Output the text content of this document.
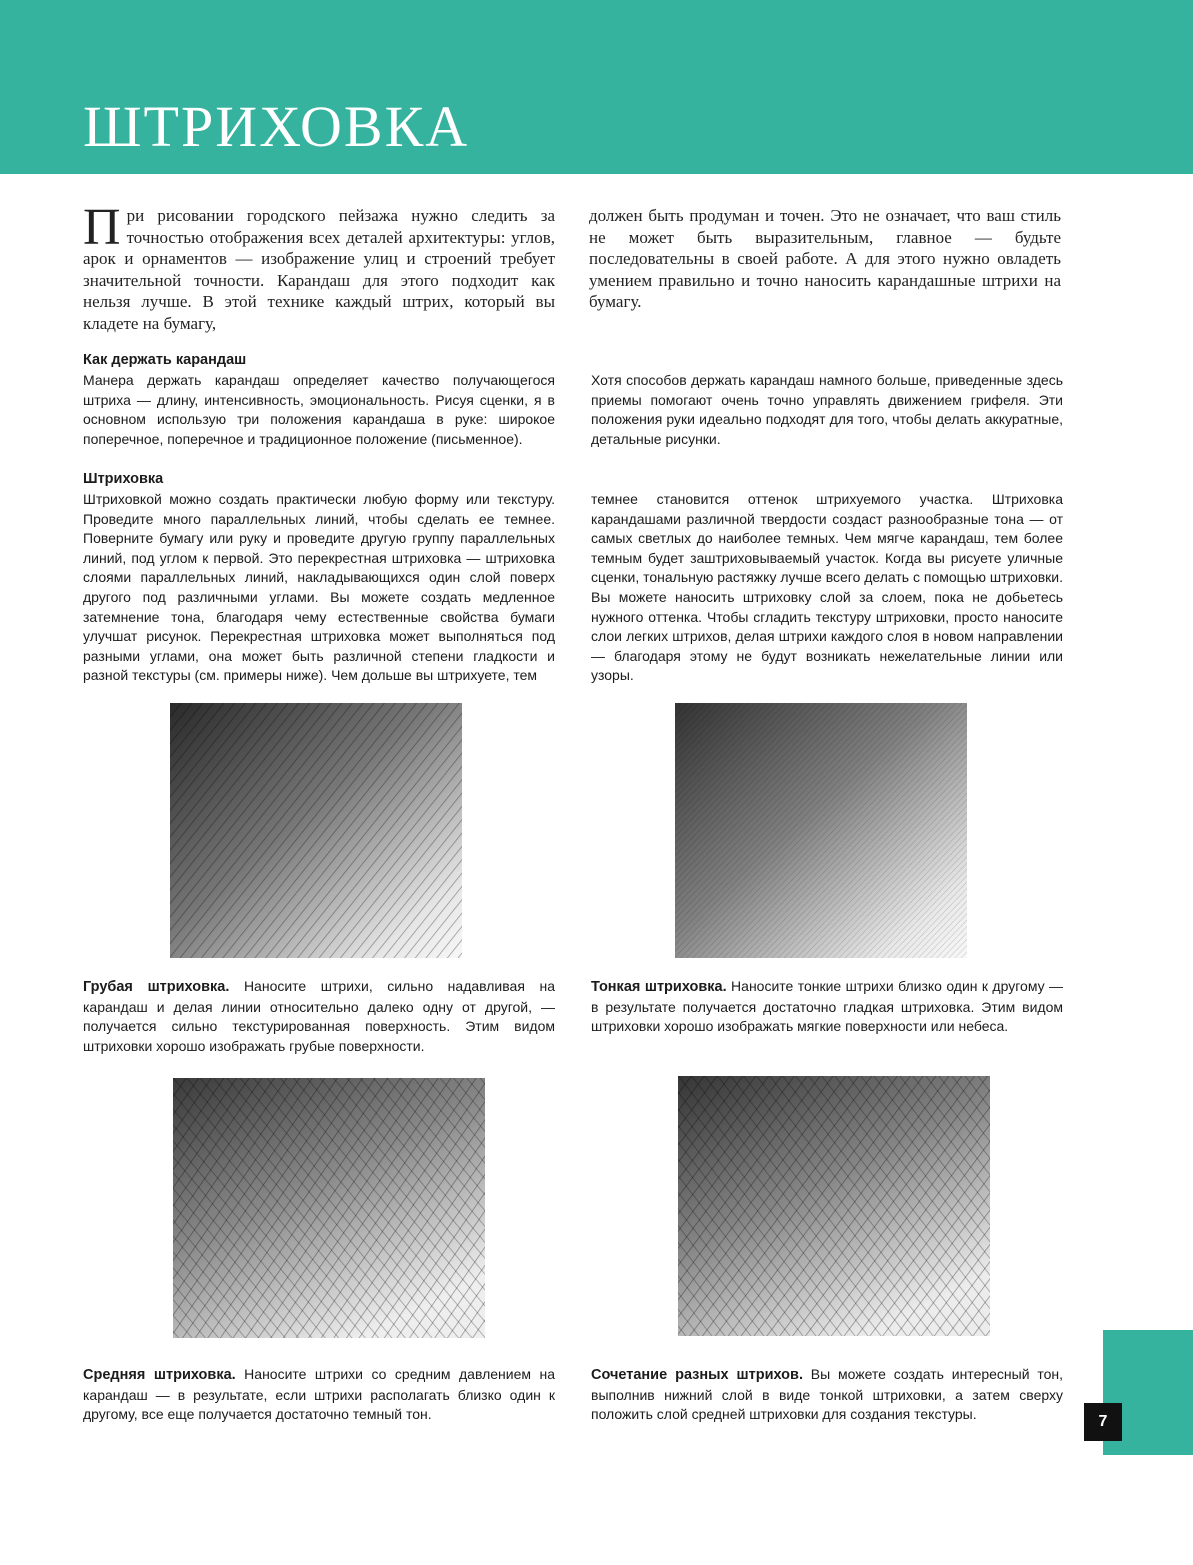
ШТРИХОВКА

При рисовании городского пейзажа нужно следить за точностью отображения всех деталей архитектуры: углов, арок и орнаментов — изображение улиц и строений требует значительной точности. Карандаш для этого подходит как нельзя лучше. В этой технике каждый штрих, который вы кладете на бумагу,

должен быть продуман и точен. Это не означает, что ваш стиль не может быть выразительным, главное — будьте последовательны в своей работе. А для этого нужно овладеть умением правильно и точно наносить карандашные штрихи на бумагу.

Как держать карандаш

Манера держать карандаш определяет качество получающегося штриха — длину, интенсивность, эмоциональность. Рисуя сценки, я в основном использую три положения карандаша в руке: широкое поперечное, поперечное и традиционное положение (письменное).

Хотя способов держать карандаш намного больше, приведенные здесь приемы помогают очень точно управлять движением грифеля. Эти положения руки идеально подходят для того, чтобы делать аккуратные, детальные рисунки.

Штриховка

Штриховкой можно создать практически любую форму или текстуру. Проведите много параллельных линий, чтобы сделать ее темнее. Поверните бумагу или руку и проведите другую группу параллельных линий, под углом к первой. Это перекрестная штриховка — штриховка слоями параллельных линий, накладывающихся один слой поверх другого под различными углами. Вы можете создать медленное затемнение тона, благодаря чему естественные свойства бумаги улучшат рисунок. Перекрестная штриховка может выполняться под разными углами, она может быть различной степени гладкости и разной текстуры (см. примеры ниже). Чем дольше вы штрихуете, тем

темнее становится оттенок штрихуемого участка. Штриховка карандашами различной твердости создаст разнообразные тона — от самых светлых до наиболее темных. Чем мягче карандаш, тем более темным будет заштриховываемый участок. Когда вы рисуете уличные сценки, тональную растяжку лучше всего делать с помощью штриховки. Вы можете наносить штриховку слой за слоем, пока не добьетесь нужного оттенка. Чтобы сгладить текстуру штриховки, просто наносите слои легких штрихов, делая штрихи каждого слоя в новом направлении — благодаря этому не будут возникать нежелательные линии или узоры.

Грубая штриховка. Наносите штрихи, сильно надавливая на карандаш и делая линии относительно далеко одну от другой, — получается сильно текстурированная поверхность. Этим видом штриховки хорошо изображать грубые поверхности.

Тонкая штриховка. Наносите тонкие штрихи близко один к другому — в результате получается достаточно гладкая штриховка. Этим видом штриховки хорошо изображать мягкие поверхности или небеса.

Средняя штриховка. Наносите штрихи со средним давлением на карандаш — в результате, если штрихи располагать близко один к другому, все еще получается достаточно темный тон.

Сочетание разных штрихов. Вы можете создать интересный тон, выполнив нижний слой в виде тонкой штриховки, а затем сверху положить слой средней штриховки для создания текстуры.	7
